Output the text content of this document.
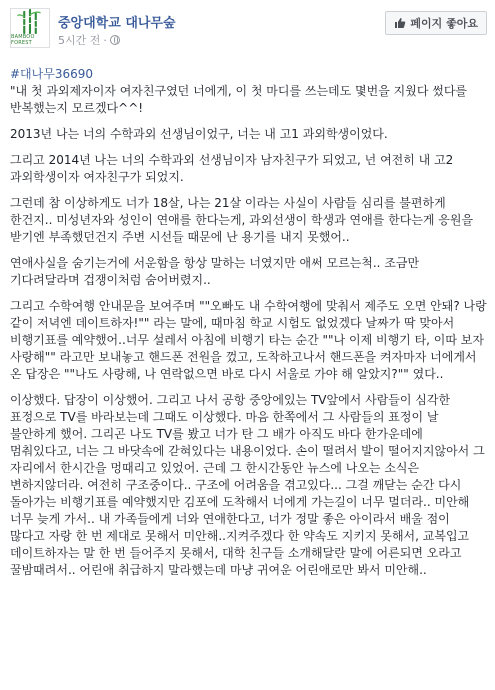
BAMBOO FOREST
중앙대학교 대나무숲
5시간 전 ·
페이지 좋아요

#대나무36690

"내 첫 과외제자이자 여자친구였던 너에게, 이 첫 마디를 쓰는데도 몇번을 지웠다 썼다를 반복했는지 모르겠다^^!

2013년 나는 너의 수학과외 선생님이었구, 너는 내 고1 과외학생이었다.

그리고 2014년 나는 너의 수학과외 선생님이자 남자친구가 되었고, 넌 여전히 내 고2 과외학생이자 여자친구가 되었지.

그런데 참 이상하게도 너가 18살, 나는 21살 이라는 사실이 사람들 심리를 불편하게 한건지.. 미성년자와 성인이 연애를 한다는게, 과외선생이 학생과 연애를 한다는게 응원을 받기엔 부족했던건지 주변 시선들 때문에 난 용기를 내지 못했어..

연애사실을 숨기는거에 서운함을 항상 말하는 너였지만 애써 모르는척.. 조금만 기다려달라며 겁쟁이처럼 숨어버렸지..

그리고 수학여행 안내문을 보여주며 ""오빠도 내 수학여행에 맞춰서 제주도 오면 안돼? 나랑 같이 저녁엔 데이트하자!"" 라는 말에, 때마침 학교 시험도 없었겠다 날짜가 딱 맞아서 비행기표를 예약했어..너무 설레서 아침에 비행기 타는 순간 ""나 이제 비행기 타, 이따 보자 사랑해"" 라고만 보내놓고 핸드폰 전원을 껐고, 도착하고나서 핸드폰을 켜자마자 너에게서 온 답장은 ""나도 사랑해, 나 연락없으면 바로 다시 서울로 가야 해 알았지?"" 였다..

이상했다. 답장이 이상했어. 그리고 나서 공항 중앙에있는 TV앞에서 사람들이 심각한 표정으로 TV를 바라보는데 그때도 이상했다. 마음 한쪽에서 그 사람들의 표정이 날 불안하게 했어. 그리곤 나도 TV를 봤고 너가 탄 그 배가 아직도 바다 한가운데에 멈춰있다고, 너는 그 바닷속에 갇혀있다는 내용이었다. 손이 떨려서 발이 떨어지지않아서 그 자리에서 한시간을 멍때리고 있었어. 근데 그 한시간동안 뉴스에 나오는 소식은 변하지않더라. 여전히 구조중이다.. 구조에 어려움을 겪고있다... 그걸 깨닫는 순간 다시 돌아가는 비행기표를 예약했지만 김포에 도착해서 너에게 가는길이 너무 멀더라.. 미안해 너무 늦게 가서.. 내 가족들에게 너와 연애한다고, 너가 정말 좋은 아이라서 배울 점이 많다고 자랑 한 번 제대로 못해서 미안해..지켜주겠다 한 약속도 지키지 못해서, 교복입고 데이트하자는 말 한 번 들어주지 못해서, 대학 친구들 소개해달란 말에 어른되면 오라고 꿀밤때려서.. 어린애 취급하지 말라했는데 마냥 귀여운 어린애로만 봐서 미안해..
